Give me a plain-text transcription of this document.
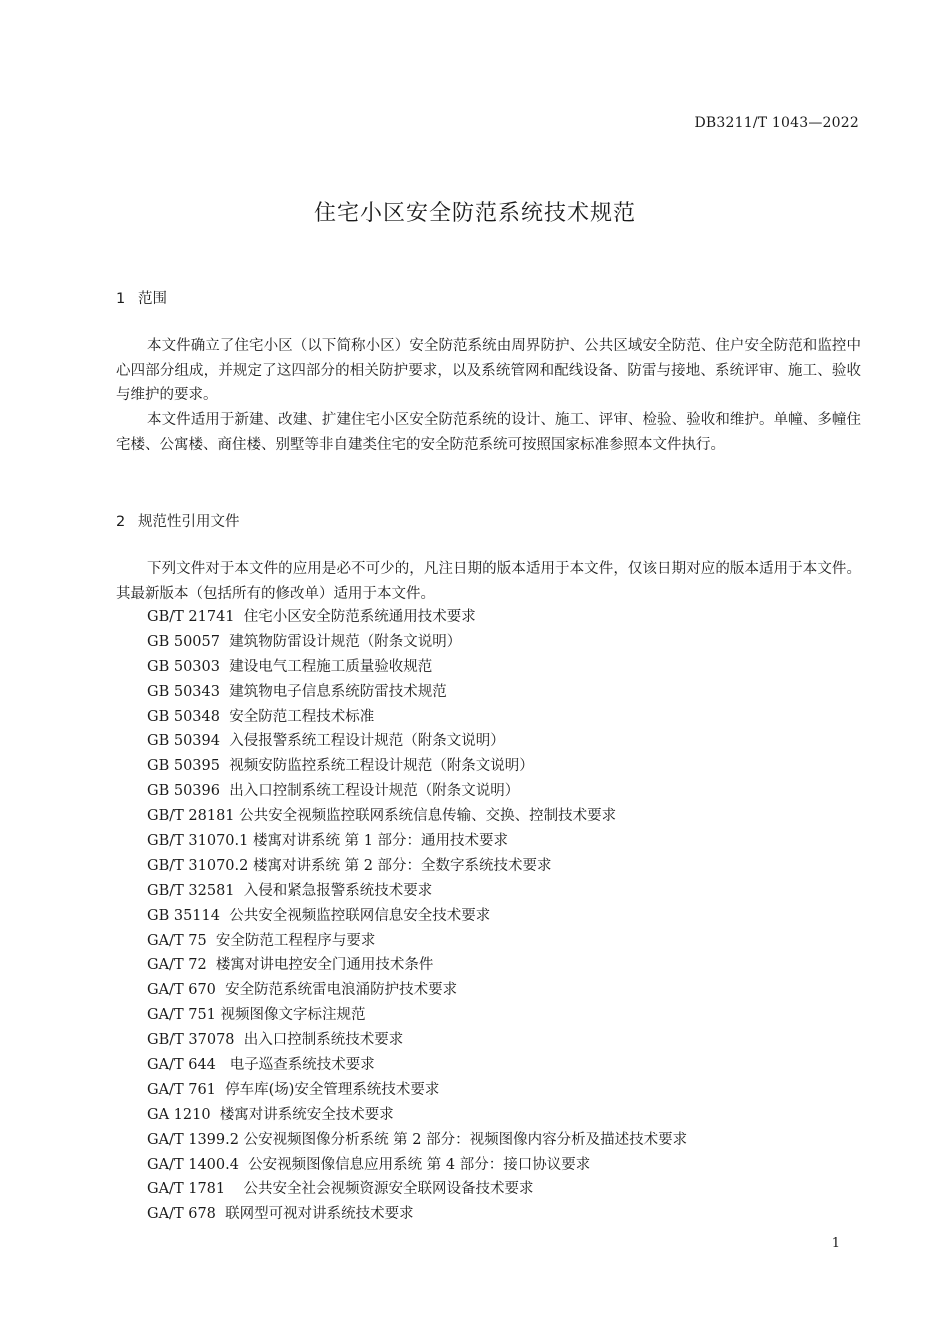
DB3211/T 1043—2022
住宅小区安全防范系统技术规范
1 范围

本文件确立了住宅小区（以下简称小区）安全防范系统由周界防护、公共区域安全防范、住户安全防范和监控中心四部分组成，并规定了这四部分的相关防护要求，以及系统管网和配线设备、防雷与接地、系统评审、施工、验收与维护的要求。

本文件适用于新建、改建、扩建住宅小区安全防范系统的设计、施工、评审、检验、验收和维护。单幢、多幢住宅楼、公寓楼、商住楼、别墅等非自建类住宅的安全防范系统可按照国家标准参照本文件执行。

2 规范性引用文件

下列文件对于本文件的应用是必不可少的，凡注日期的版本适用于本文件，仅该日期对应的版本适用于本文件。其最新版本（包括所有的修改单）适用于本文件。

GB/T 21741  住宅小区安全防范系统通用技术要求
GB 50057  建筑物防雷设计规范（附条文说明）
GB 50303  建设电气工程施工质量验收规范
GB 50343  建筑物电子信息系统防雷技术规范
GB 50348  安全防范工程技术标准
GB 50394  入侵报警系统工程设计规范（附条文说明）
GB 50395  视频安防监控系统工程设计规范（附条文说明）
GB 50396  出入口控制系统工程设计规范（附条文说明）
GB/T 28181 公共安全视频监控联网系统信息传输、交换、控制技术要求
GB/T 31070.1 楼寓对讲系统 第 1 部分：通用技术要求
GB/T 31070.2 楼寓对讲系统 第 2 部分：全数字系统技术要求
GB/T 32581  入侵和紧急报警系统技术要求
GB 35114  公共安全视频监控联网信息安全技术要求
GA/T 75  安全防范工程程序与要求
GA/T 72  楼寓对讲电控安全门通用技术条件
GA/T 670  安全防范系统雷电浪涌防护技术要求
GA/T 751 视频图像文字标注规范
GB/T 37078  出入口控制系统技术要求
GA/T 644   电子巡查系统技术要求
GA/T 761  停车库(场)安全管理系统技术要求
GA 1210  楼寓对讲系统安全技术要求
GA/T 1399.2 公安视频图像分析系统 第 2 部分：视频图像内容分析及描述技术要求
GA/T 1400.4  公安视频图像信息应用系统 第 4 部分：接口协议要求
GA/T 1781    公共安全社会视频资源安全联网设备技术要求
GA/T 678  联网型可视对讲系统技术要求
1
